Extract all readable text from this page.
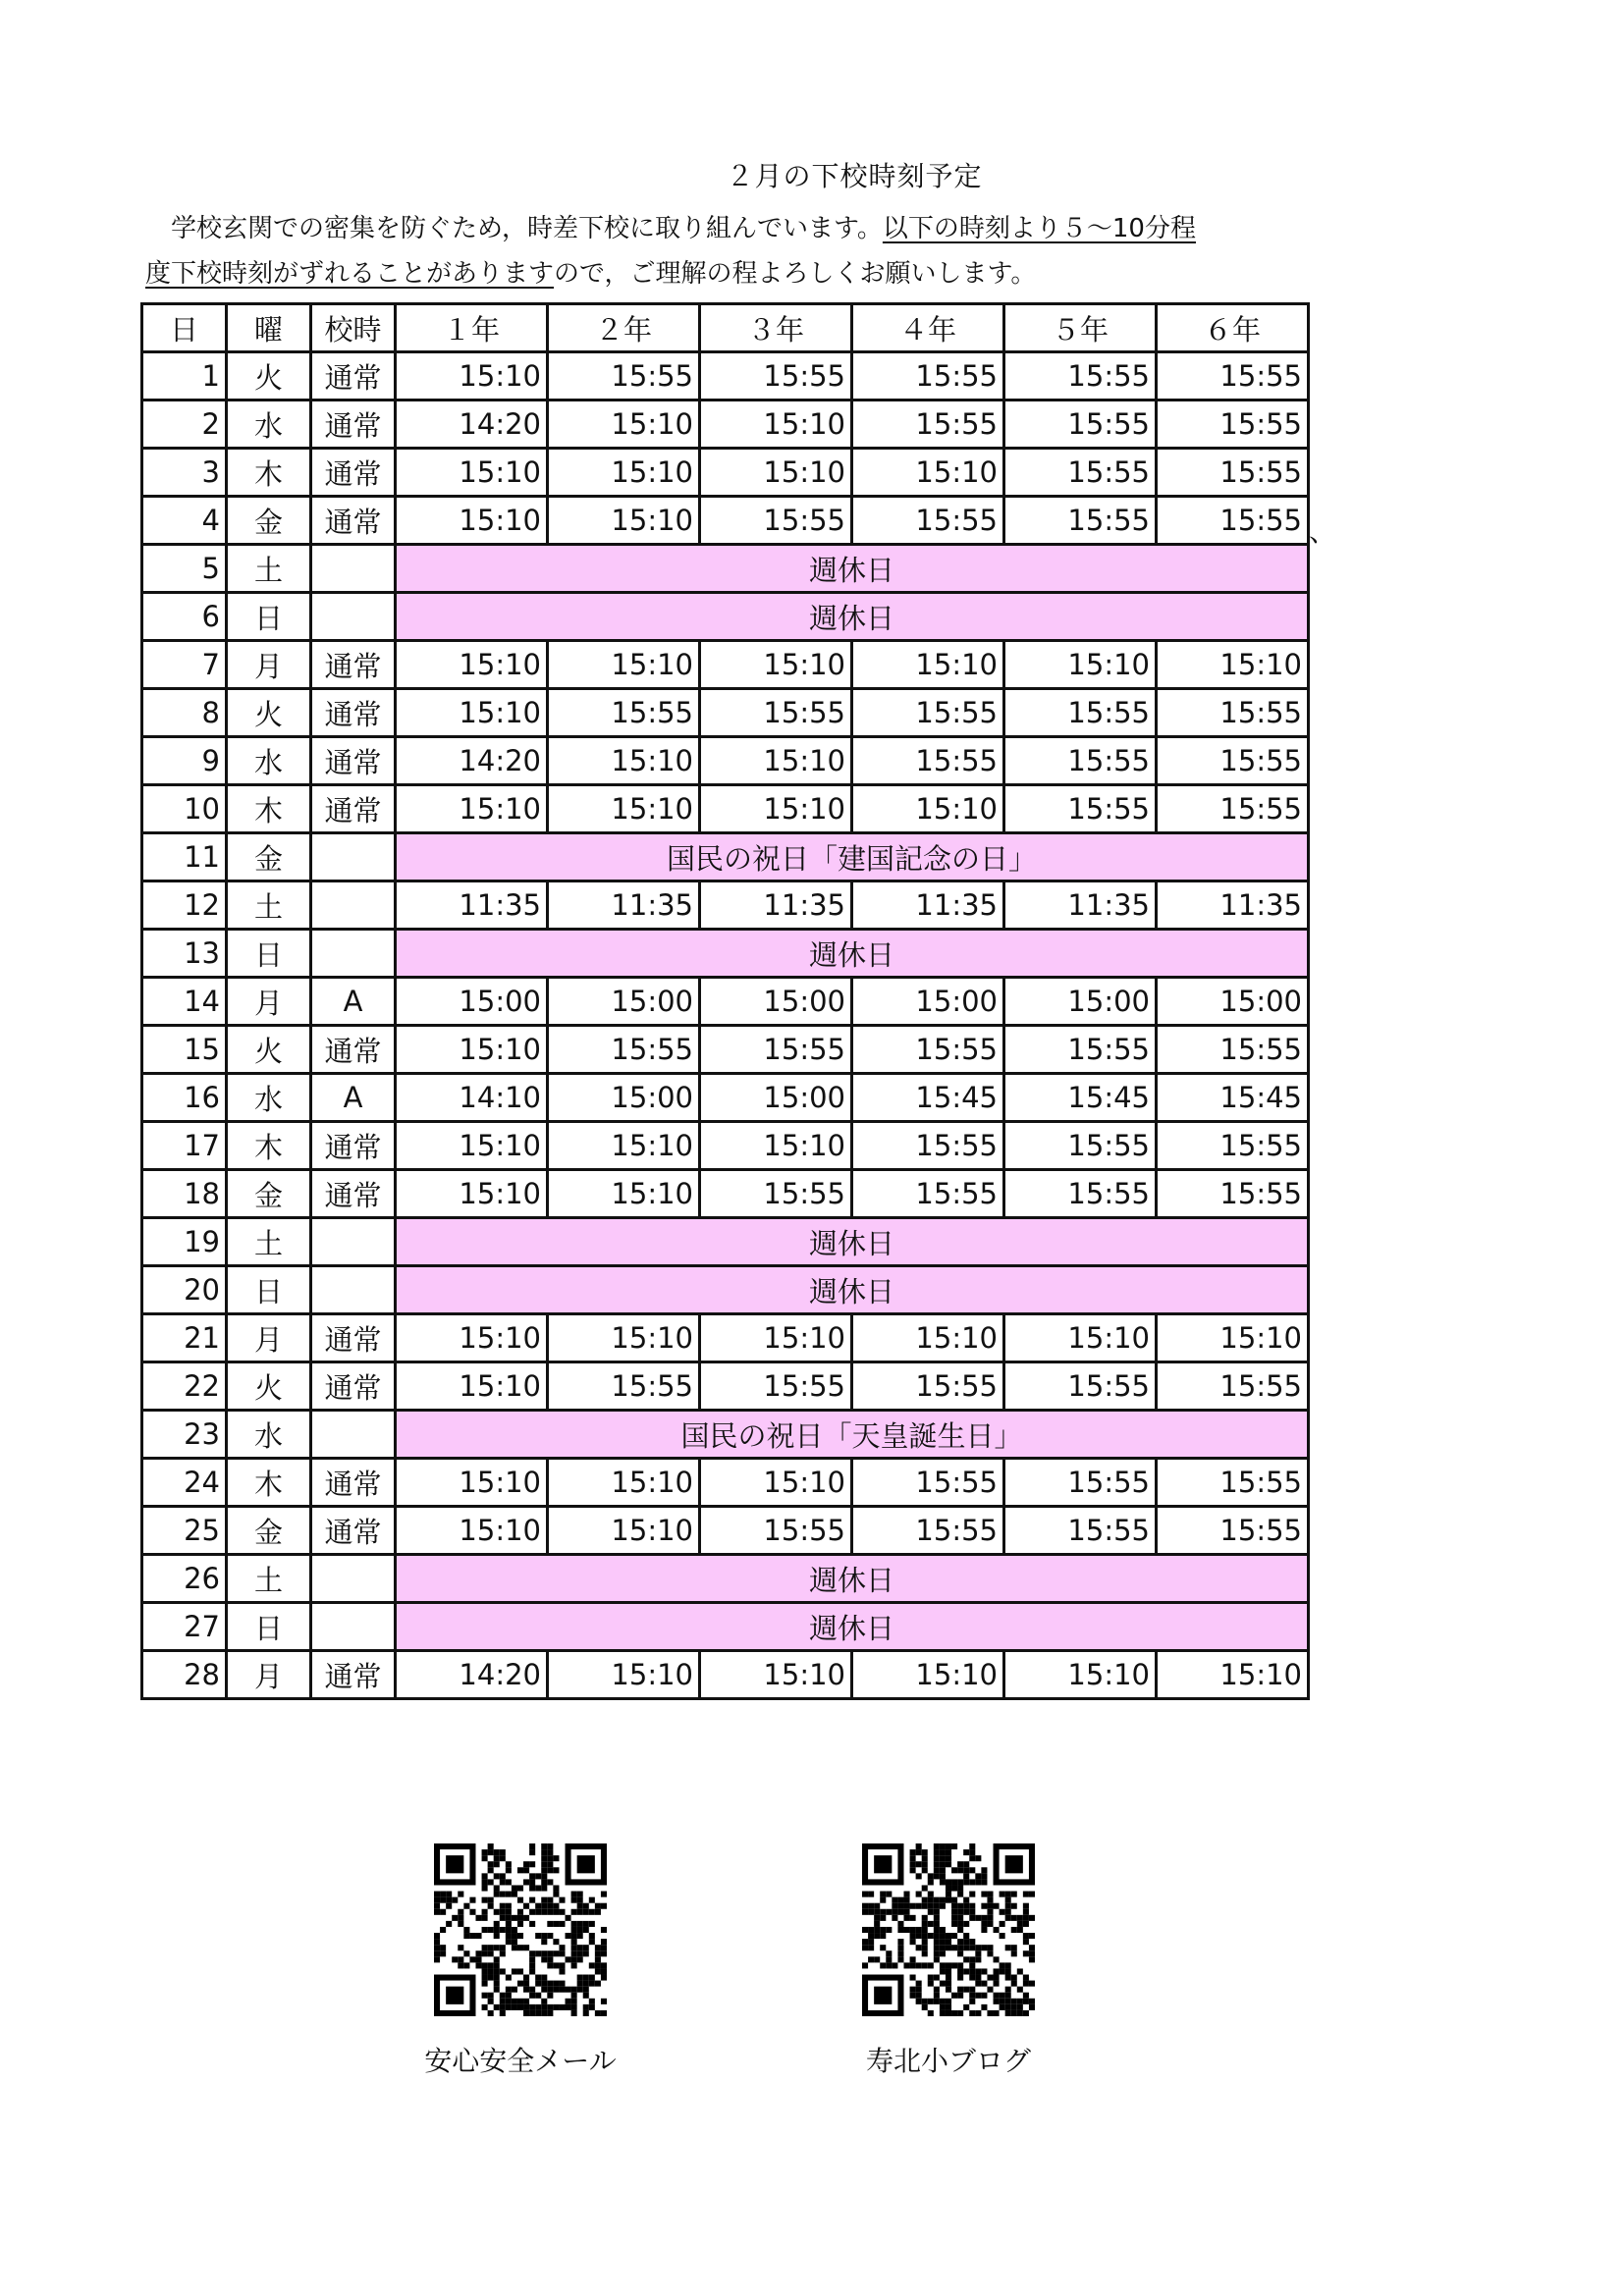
２月の下校時刻予定
　学校玄関での密集を防ぐため，時差下校に取り組んでいます。以下の時刻より５〜10分程
度下校時刻がずれることがありますので，ご理解の程よろしくお願いします。
日	曜	校時	１年	２年	３年	４年	５年	６年
1	火	通常	15:10	15:55	15:55	15:55	15:55	15:55
2	水	通常	14:20	15:10	15:10	15:55	15:55	15:55
3	木	通常	15:10	15:10	15:10	15:10	15:55	15:55
4	金	通常	15:10	15:10	15:55	15:55	15:55	15:55
5	土		週休日					
6	日		週休日					
7	月	通常	15:10	15:10	15:10	15:10	15:10	15:10
8	火	通常	15:10	15:55	15:55	15:55	15:55	15:55
9	水	通常	14:20	15:10	15:10	15:55	15:55	15:55
10	木	通常	15:10	15:10	15:10	15:10	15:55	15:55
11	金		国民の祝日「建国記念の日」					
12	土		11:35	11:35	11:35	11:35	11:35	11:35
13	日		週休日					
14	月	A	15:00	15:00	15:00	15:00	15:00	15:00
15	火	通常	15:10	15:55	15:55	15:55	15:55	15:55
16	水	A	14:10	15:00	15:00	15:45	15:45	15:45
17	木	通常	15:10	15:10	15:10	15:55	15:55	15:55
18	金	通常	15:10	15:10	15:55	15:55	15:55	15:55
19	土		週休日					
20	日		週休日					
21	月	通常	15:10	15:10	15:10	15:10	15:10	15:10
22	火	通常	15:10	15:55	15:55	15:55	15:55	15:55
23	水		国民の祝日「天皇誕生日」					
24	木	通常	15:10	15:10	15:10	15:55	15:55	15:55
25	金	通常	15:10	15:10	15:55	15:55	15:55	15:55
26	土		週休日					
27	日		週休日					
28	月	通常	14:20	15:10	15:10	15:10	15:10	15:10
、
安心安全メール	寿北小ブログ
